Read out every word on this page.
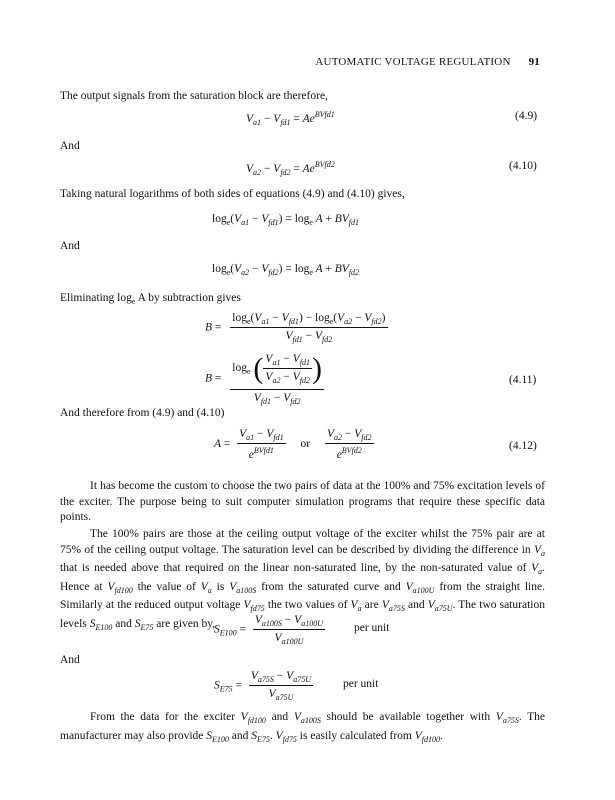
AUTOMATIC VOLTAGE REGULATION 91
The output signals from the saturation block are therefore,
$V_{a1} - V_{fd1} = Ae^{BVfd1}$	(4.9)
And
$V_{a2} - V_{fd2} = Ae^{BVfd2}$	(4.10)
Taking natural logarithms of both sides of equations (4.9) and (4.10) gives,
$\log_e(V_{a1} - V_{fd1}) = \log_e A + BV_{fd1}$
And
$\log_e(V_{a2} - V_{fd2}) = \log_e A + BV_{fd2}$
Eliminating $\log_e A$ by subtraction gives
$B = \frac{\log_e(V_{a1} - V_{fd1}) - \log_e(V_{a2} - V_{fd2})}{V_{fd1} - V_{fd2}}$
$B = \frac{\log_e ( \frac{V_{a1} - V_{fd1}}{V_{a2} - V_{fd2}} )}{V_{fd1} - V_{fd2}}$	(4.11)
And therefore from (4.9) and (4.10)
$A = \frac{V_{a1} - V_{fd1}}{e^{BVfd1}}$ or $\frac{V_{a2} - V_{fd2}}{e^{BVfd2}}$	(4.12)
It has become the custom to choose the two pairs of data at the 100% and 75% excitation levels of the exciter. The purpose being to suit computer simulation programs that require these specific data points.
The 100% pairs are those at the ceiling output voltage of the exciter whilst the 75% pair are at 75% of the ceiling output voltage. The saturation level can be described by dividing the difference in $V_a$ that is needed above that required on the linear non-saturated line, by the non-saturated value of $V_a$. Hence at $V_{fd100}$ the value of $V_a$ is $V_{a100S}$ from the saturated curve and $V_{a100U}$ from the straight line. Similarly at the reduced output voltage $V_{fd75}$ the two values of $V_a$ are $V_{a75S}$ and $V_{a75U}$. The two saturation levels $S_{E100}$ and $S_{E75}$ are given by,
$S_{E100} = \frac{V_{a100S} - V_{a100U}}{V_{a100U}}$	per unit
And
$S_{E75} = \frac{V_{a75S} - V_{a75U}}{V_{a75U}}$	per unit
From the data for the exciter $V_{fd100}$ and $V_{a100S}$ should be available together with $V_{a75S}$. The manufacturer may also provide $S_{E100}$ and $S_{E75}$. $V_{fd75}$ is easily calculated from $V_{fd100}$.
